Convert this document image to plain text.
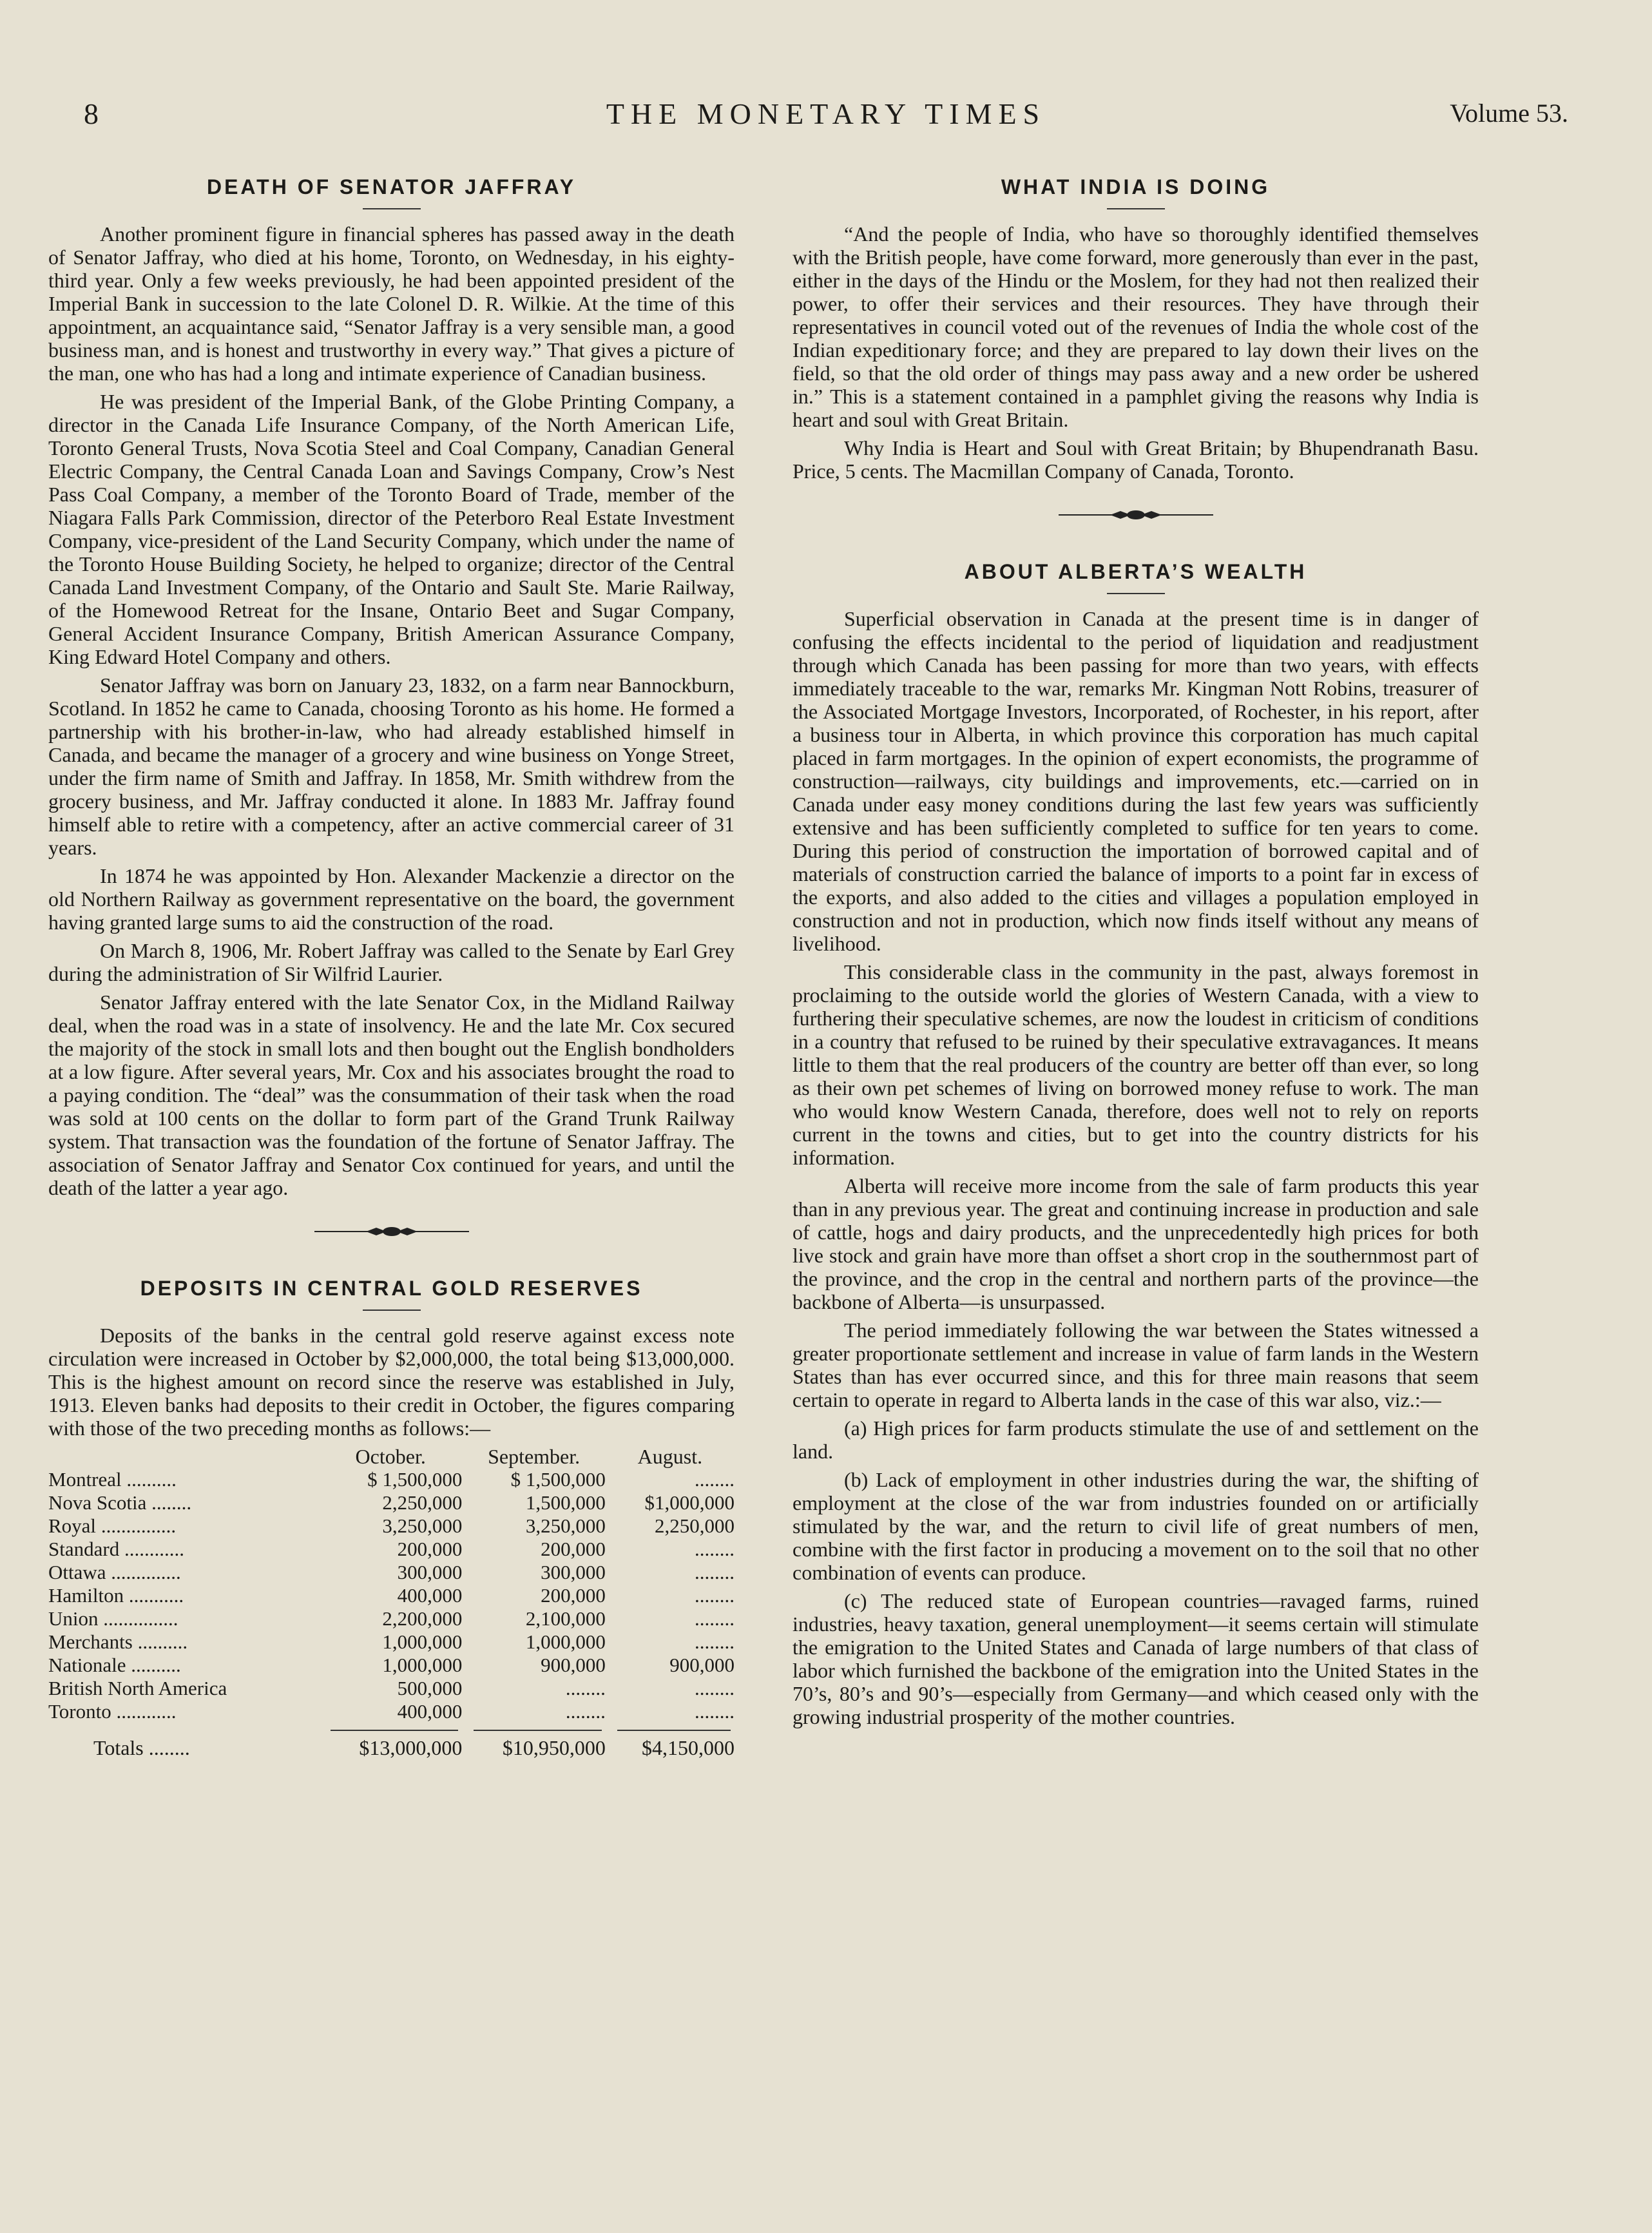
8	THE MONETARY TIMES	Volume 53.
DEATH OF SENATOR JAFFRAY

Another prominent figure in financial spheres has passed away in the death of Senator Jaffray, who died at his home, Toronto, on Wednesday, in his eighty-third year. Only a few weeks previously, he had been appointed president of the Imperial Bank in succession to the late Colonel D. R. Wilkie. At the time of this appointment, an acquaintance said, “Senator Jaffray is a very sensible man, a good business man, and is honest and trustworthy in every way.” That gives a picture of the man, one who has had a long and intimate experience of Canadian business.

He was president of the Imperial Bank, of the Globe Printing Company, a director in the Canada Life Insurance Company, of the North American Life, Toronto General Trusts, Nova Scotia Steel and Coal Company, Canadian General Electric Company, the Central Canada Loan and Savings Company, Crow’s Nest Pass Coal Company, a member of the Toronto Board of Trade, member of the Niagara Falls Park Commission, director of the Peterboro Real Estate Investment Company, vice-president of the Land Security Company, which under the name of the Toronto House Building Society, he helped to organize; director of the Central Canada Land Investment Company, of the Ontario and Sault Ste. Marie Railway, of the Homewood Retreat for the Insane, Ontario Beet and Sugar Company, General Accident Insurance Company, British American Assurance Company, King Edward Hotel Company and others.

Senator Jaffray was born on January 23, 1832, on a farm near Bannockburn, Scotland. In 1852 he came to Canada, choosing Toronto as his home. He formed a partnership with his brother-in-law, who had already established himself in Canada, and became the manager of a grocery and wine business on Yonge Street, under the firm name of Smith and Jaffray. In 1858, Mr. Smith withdrew from the grocery business, and Mr. Jaffray conducted it alone. In 1883 Mr. Jaffray found himself able to retire with a competency, after an active commercial career of 31 years.

In 1874 he was appointed by Hon. Alexander Mackenzie a director on the old Northern Railway as government representative on the board, the government having granted large sums to aid the construction of the road.

On March 8, 1906, Mr. Robert Jaffray was called to the Senate by Earl Grey during the administration of Sir Wilfrid Laurier.

Senator Jaffray entered with the late Senator Cox, in the Midland Railway deal, when the road was in a state of insolvency. He and the late Mr. Cox secured the majority of the stock in small lots and then bought out the English bondholders at a low figure. After several years, Mr. Cox and his associates brought the road to a paying condition. The “deal” was the consummation of their task when the road was sold at 100 cents on the dollar to form part of the Grand Trunk Railway system. That transaction was the foundation of the fortune of Senator Jaffray. The association of Senator Jaffray and Senator Cox continued for years, and until the death of the latter a year ago.

DEPOSITS IN CENTRAL GOLD RESERVES

Deposits of the banks in the central gold reserve against excess note circulation were increased in October by $2,000,000, the total being $13,000,000. This is the highest amount on record since the reserve was established in July, 1913. Eleven banks had deposits to their credit in October, the figures comparing with those of the two preceding months as follows:—

	October.	September.	August.
Montreal ..........	$ 1,500,000	$ 1,500,000	........
Nova Scotia ........	2,250,000	1,500,000	$1,000,000
Royal ...............	3,250,000	3,250,000	2,250,000
Standard ............	200,000	200,000	........
Ottawa ..............	300,000	300,000	........
Hamilton ...........	400,000	200,000	........
Union ...............	2,200,000	2,100,000	........
Merchants ..........	1,000,000	1,000,000	........
Nationale ..........	1,000,000	900,000	900,000
British North America	500,000	........	........
Toronto ............	400,000	........	........

Totals ........	$13,000,000	$10,950,000	$4,150,000
WHAT INDIA IS DOING

“And the people of India, who have so thoroughly identified themselves with the British people, have come forward, more generously than ever in the past, either in the days of the Hindu or the Moslem, for they had not then realized their power, to offer their services and their resources. They have through their representatives in council voted out of the revenues of India the whole cost of the Indian expeditionary force; and they are prepared to lay down their lives on the field, so that the old order of things may pass away and a new order be ushered in.” This is a statement contained in a pamphlet giving the reasons why India is heart and soul with Great Britain.

Why India is Heart and Soul with Great Britain; by Bhupendranath Basu. Price, 5 cents. The Macmillan Company of Canada, Toronto.

ABOUT ALBERTA’S WEALTH

Superficial observation in Canada at the present time is in danger of confusing the effects incidental to the period of liquidation and readjustment through which Canada has been passing for more than two years, with effects immediately traceable to the war, remarks Mr. Kingman Nott Robins, treasurer of the Associated Mortgage Investors, Incorporated, of Rochester, in his report, after a business tour in Alberta, in which province this corporation has much capital placed in farm mortgages. In the opinion of expert economists, the programme of construction—railways, city buildings and improvements, etc.—carried on in Canada under easy money conditions during the last few years was sufficiently extensive and has been sufficiently completed to suffice for ten years to come. During this period of construction the importation of borrowed capital and of materials of construction carried the balance of imports to a point far in excess of the exports, and also added to the cities and villages a population employed in construction and not in production, which now finds itself without any means of livelihood.

This considerable class in the community in the past, always foremost in proclaiming to the outside world the glories of Western Canada, with a view to furthering their speculative schemes, are now the loudest in criticism of conditions in a country that refused to be ruined by their speculative extravagances. It means little to them that the real producers of the country are better off than ever, so long as their own pet schemes of living on borrowed money refuse to work. The man who would know Western Canada, therefore, does well not to rely on reports current in the towns and cities, but to get into the country districts for his information.

Alberta will receive more income from the sale of farm products this year than in any previous year. The great and continuing increase in production and sale of cattle, hogs and dairy products, and the unprecedentedly high prices for both live stock and grain have more than offset a short crop in the southernmost part of the province, and the crop in the central and northern parts of the province—the backbone of Alberta—is unsurpassed.

The period immediately following the war between the States witnessed a greater proportionate settlement and increase in value of farm lands in the Western States than has ever occurred since, and this for three main reasons that seem certain to operate in regard to Alberta lands in the case of this war also, viz.:—

(a) High prices for farm products stimulate the use of and settlement on the land.

(b) Lack of employment in other industries during the war, the shifting of employment at the close of the war from industries founded on or artificially stimulated by the war, and the return to civil life of great numbers of men, combine with the first factor in producing a movement on to the soil that no other combination of events can produce.

(c) The reduced state of European countries—ravaged farms, ruined industries, heavy taxation, general unemployment—it seems certain will stimulate the emigration to the United States and Canada of large numbers of that class of labor which furnished the backbone of the emigration into the United States in the 70’s, 80’s and 90’s—especially from Germany—and which ceased only with the growing industrial prosperity of the mother countries.
